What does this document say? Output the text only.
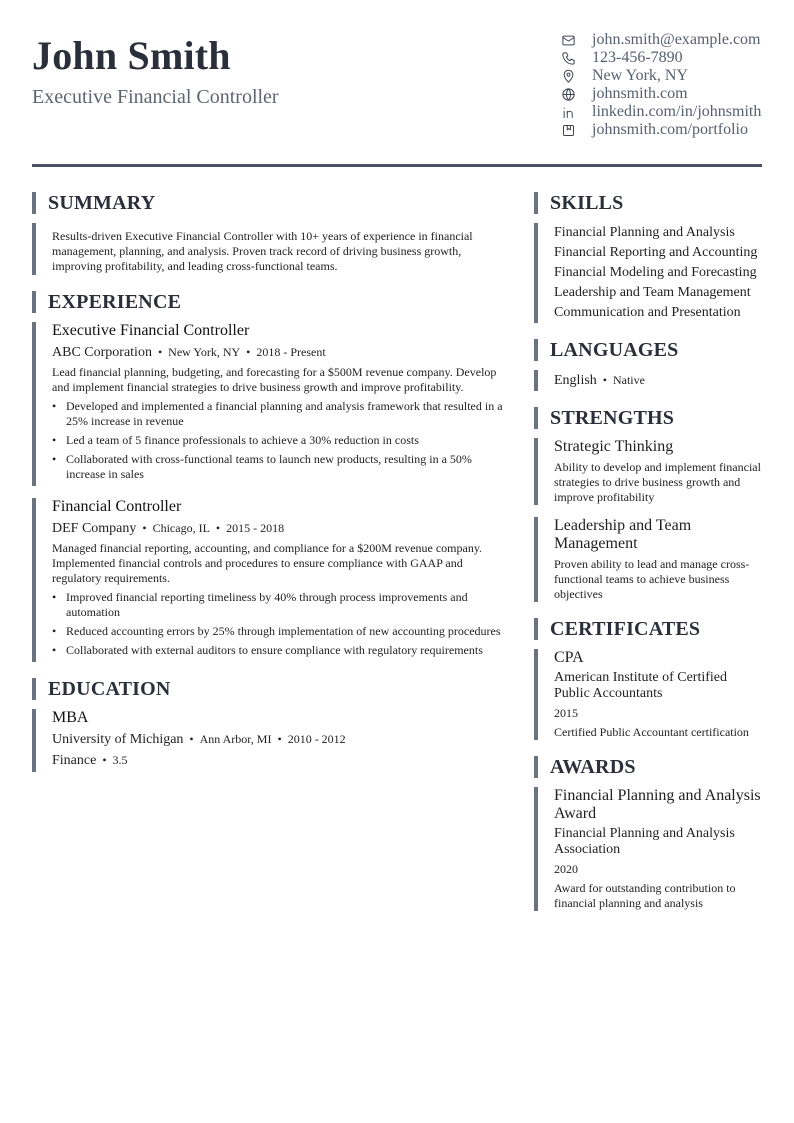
John Smith
Executive Financial Controller
john.smith@example.com
123-456-7890
New York, NY
johnsmith.com
linkedin.com/in/johnsmith
johnsmith.com/portfolio
SUMMARY

Results-driven Executive Financial Controller with 10+ years of experience in financial management, planning, and analysis. Proven track record of driving business growth, improving profitability, and leading cross-functional teams.

EXPERIENCE
Executive Financial Controller
ABC Corporation • New York, NY • 2018 - Present

Lead financial planning, budgeting, and forecasting for a $500M revenue company. Develop and implement financial strategies to drive business growth and improve profitability.

• Developed and implemented a financial planning and analysis framework that resulted in a 25% increase in revenue
• Led a team of 5 finance professionals to achieve a 30% reduction in costs
• Collaborated with cross-functional teams to launch new products, resulting in a 50% increase in sales
Financial Controller
DEF Company • Chicago, IL • 2015 - 2018

Managed financial reporting, accounting, and compliance for a $200M revenue company. Implemented financial controls and procedures to ensure compliance with GAAP and regulatory requirements.

• Improved financial reporting timeliness by 40% through process improvements and automation
• Reduced accounting errors by 25% through implementation of new accounting procedures
• Collaborated with external auditors to ensure compliance with regulatory requirements
EDUCATION
MBA
University of Michigan • Ann Arbor, MI • 2010 - 2012
Finance • 3.5
SKILLS
Financial Planning and Analysis
Financial Reporting and Accounting
Financial Modeling and Forecasting
Leadership and Team Management
Communication and Presentation
LANGUAGES
English • Native
STRENGTHS
Strategic Thinking

Ability to develop and implement financial strategies to drive business growth and improve profitability

Leadership and Team Management

Proven ability to lead and manage cross-functional teams to achieve business objectives

CERTIFICATES
CPA
American Institute of Certified Public Accountants
2015
Certified Public Accountant certification
AWARDS
Financial Planning and Analysis Award
Financial Planning and Analysis Association
2020
Award for outstanding contribution to financial planning and analysis
